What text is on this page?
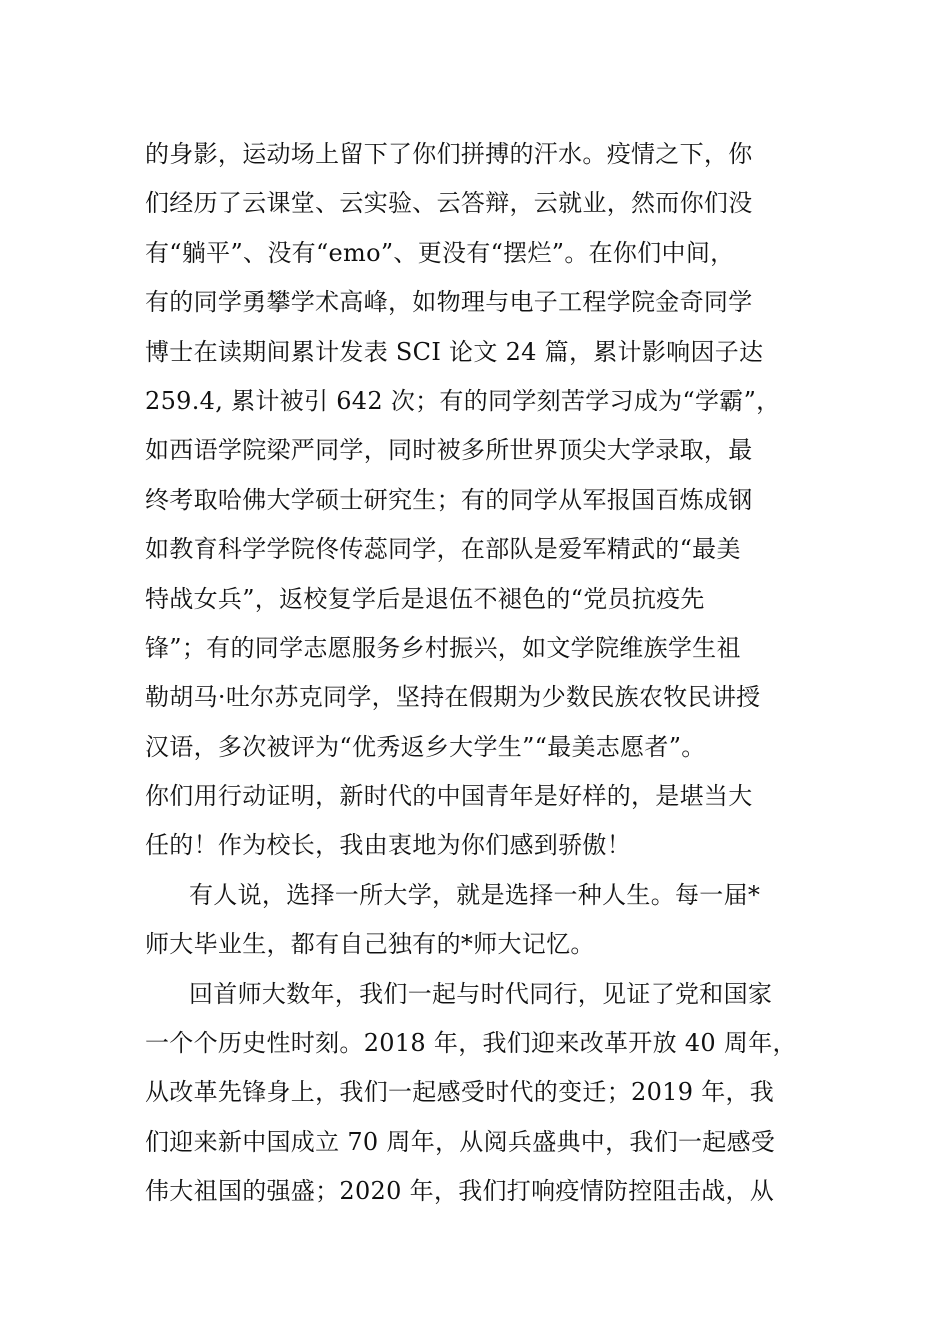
的身影，运动场上留下了你们拼搏的汗水。疫情之下，你
们经历了云课堂、云实验、云答辩，云就业，然而你们没
有“躺平”、没有“emo”、更没有“摆烂”。在你们中间，
有的同学勇攀学术高峰，如物理与电子工程学院金奇同学
博士在读期间累计发表 SCI 论文 24 篇，累计影响因子达
259.4, 累计被引 642 次；有的同学刻苦学习成为“学霸”，
如西语学院梁严同学，同时被多所世界顶尖大学录取，最
终考取哈佛大学硕士研究生；有的同学从军报国百炼成钢
如教育科学学院佟传蕊同学，在部队是爱军精武的“最美
特战女兵”，返校复学后是退伍不褪色的“党员抗疫先
锋”；有的同学志愿服务乡村振兴，如文学院维族学生祖
勒胡马·吐尔苏克同学，坚持在假期为少数民族农牧民讲授
汉语，多次被评为“优秀返乡大学生”“最美志愿者”。
你们用行动证明，新时代的中国青年是好样的，是堪当大
任的！作为校长，我由衷地为你们感到骄傲！
有人说，选择一所大学，就是选择一种人生。每一届*
师大毕业生，都有自己独有的*师大记忆。
回首师大数年，我们一起与时代同行，见证了党和国家
一个个历史性时刻。2018 年，我们迎来改革开放 40 周年，
从改革先锋身上，我们一起感受时代的变迁；2019 年，我
们迎来新中国成立 70 周年，从阅兵盛典中，我们一起感受
伟大祖国的强盛；2020 年，我们打响疫情防控阻击战，从
